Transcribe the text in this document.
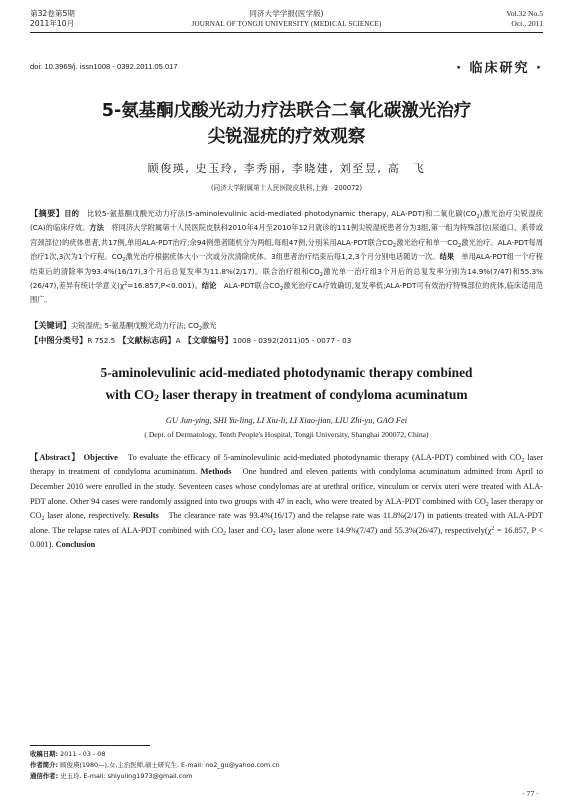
第32卷第5期
2011年10月
同济大学学报(医学版)
JOURNAL OF TONGJI UNIVERSITY (MEDICAL SCIENCE)
Vol.32 No.5
Oct., 2011
doi: 10.3969/j. issn1008 - 0392.2011.05.017	· 临床研究 ·
5-氨基酮戊酸光动力疗法联合二氧化碳激光治疗
尖锐湿疣的疗效观察
顾俊瑛, 史玉玲, 李秀丽, 李晓建, 刘至昱, 高　飞
(同济大学附属第十人民医院皮肤科,上海　200072)
【摘要】目的　比较5-氨基酮戊酸光动力疗法(5-aminolevulinic acid-mediated photodynamic therapy, ALA-PDT)和二氧化碳$(CO_2)$激光治疗尖锐湿疣(CA)的临床疗效。方法　将同济大学附属第十人民医院皮肤科2010年4月至2010年12月就诊的111例尖锐湿疣患者分为3组,第一组为特殊部位(尿道口、系带或宫颈部位)的疣体患者,共17例,单用ALA-PDT治疗;余94例患者随机分为两组,每组47例,分别采用ALA-PDT联合$CO_2$激光治疗和单一$CO_2$激光治疗。ALA-PDT每周治疗1次,3次为1个疗程。$CO_2$激光治疗根据疣体大小一次或分次清除疣体。3组患者治疗结束后每1,2,3个月分别电话随访一次。结果　单用ALA-PDT组一个疗程结束后的清除率为93.4%(16/17),3个月后总复发率为11.8%(2/17)。联合治疗组和$CO_2$激光单一治疗组3个月后的总复发率分别为14.9%(7/47)和55.3%(26/47),差异有统计学意义$(\chi^2=16.857,P<0.001)$。结论　ALA-PDT联合$CO_2$激光治疗CA疗效确切,复发率低;ALA-PDT可有效治疗特殊部位的疣体,临床适用范围广。
【关键词】尖锐湿疣; 5-氨基酮戊酸光动力疗法; $CO_2$激光
【中图分类号】R 752.5　 【文献标志码】A　 【文章编号】1008 - 0392(2011)05 - 0077 - 03
5-aminolevulinic acid-mediated photodynamic therapy combined
with $CO_2$ laser therapy in treatment of condyloma acuminatum
GU Jun-ying, SHI Yu-ling, LI Xiu-li, LI Xiao-jian, LIU Zhi-yu, GAO Fei
( Dept. of Dermatology, Tenth People's Hospital, Tongji University, Shanghai 200072, China)
【Abstract】 Objective　To evaluate the efficacy of 5-aminolevulinic acid-mediated photodynamic therapy (ALA-PDT) combined with $CO_2$ laser therapy in treatment of condyloma acuminatum. Methods　One hundred and eleven patients with condyloma acuminatum admitted from April to December 2010 were enrolled in the study. Seventeen cases whose condylomas are at urethral orifice, vinculum or cervix uteri were treated with ALA-PDT alone. Other 94 cases were randomly assigned into two groups with 47 in each, who were treated by ALA-PDT combined with $CO_2$ laser therapy or $CO_2$ laser alone, respectively. Results　The clearance rate was 93.4%(16/17) and the relapse rate was 11.8%(2/17) in patients treated with ALA-PDT alone. The relapse rates of ALA-PDT combined with $CO_2$ laser and $CO_2$ laser alone were 14.9%(7/47) and 55.3%(26/47), $respectively(\chi^2 = 16.857$, P < 0.001). Conclusion
收稿日期: 2011 - 03 - 08
作者简介: 顾俊瑛(1980—),女,主治医师,硕士研究生. E-mail: no2_gu@yahoo.com.cn
通信作者: 史玉玲. E-mail: shiyuling1973@gmail.com
· 77 ·
